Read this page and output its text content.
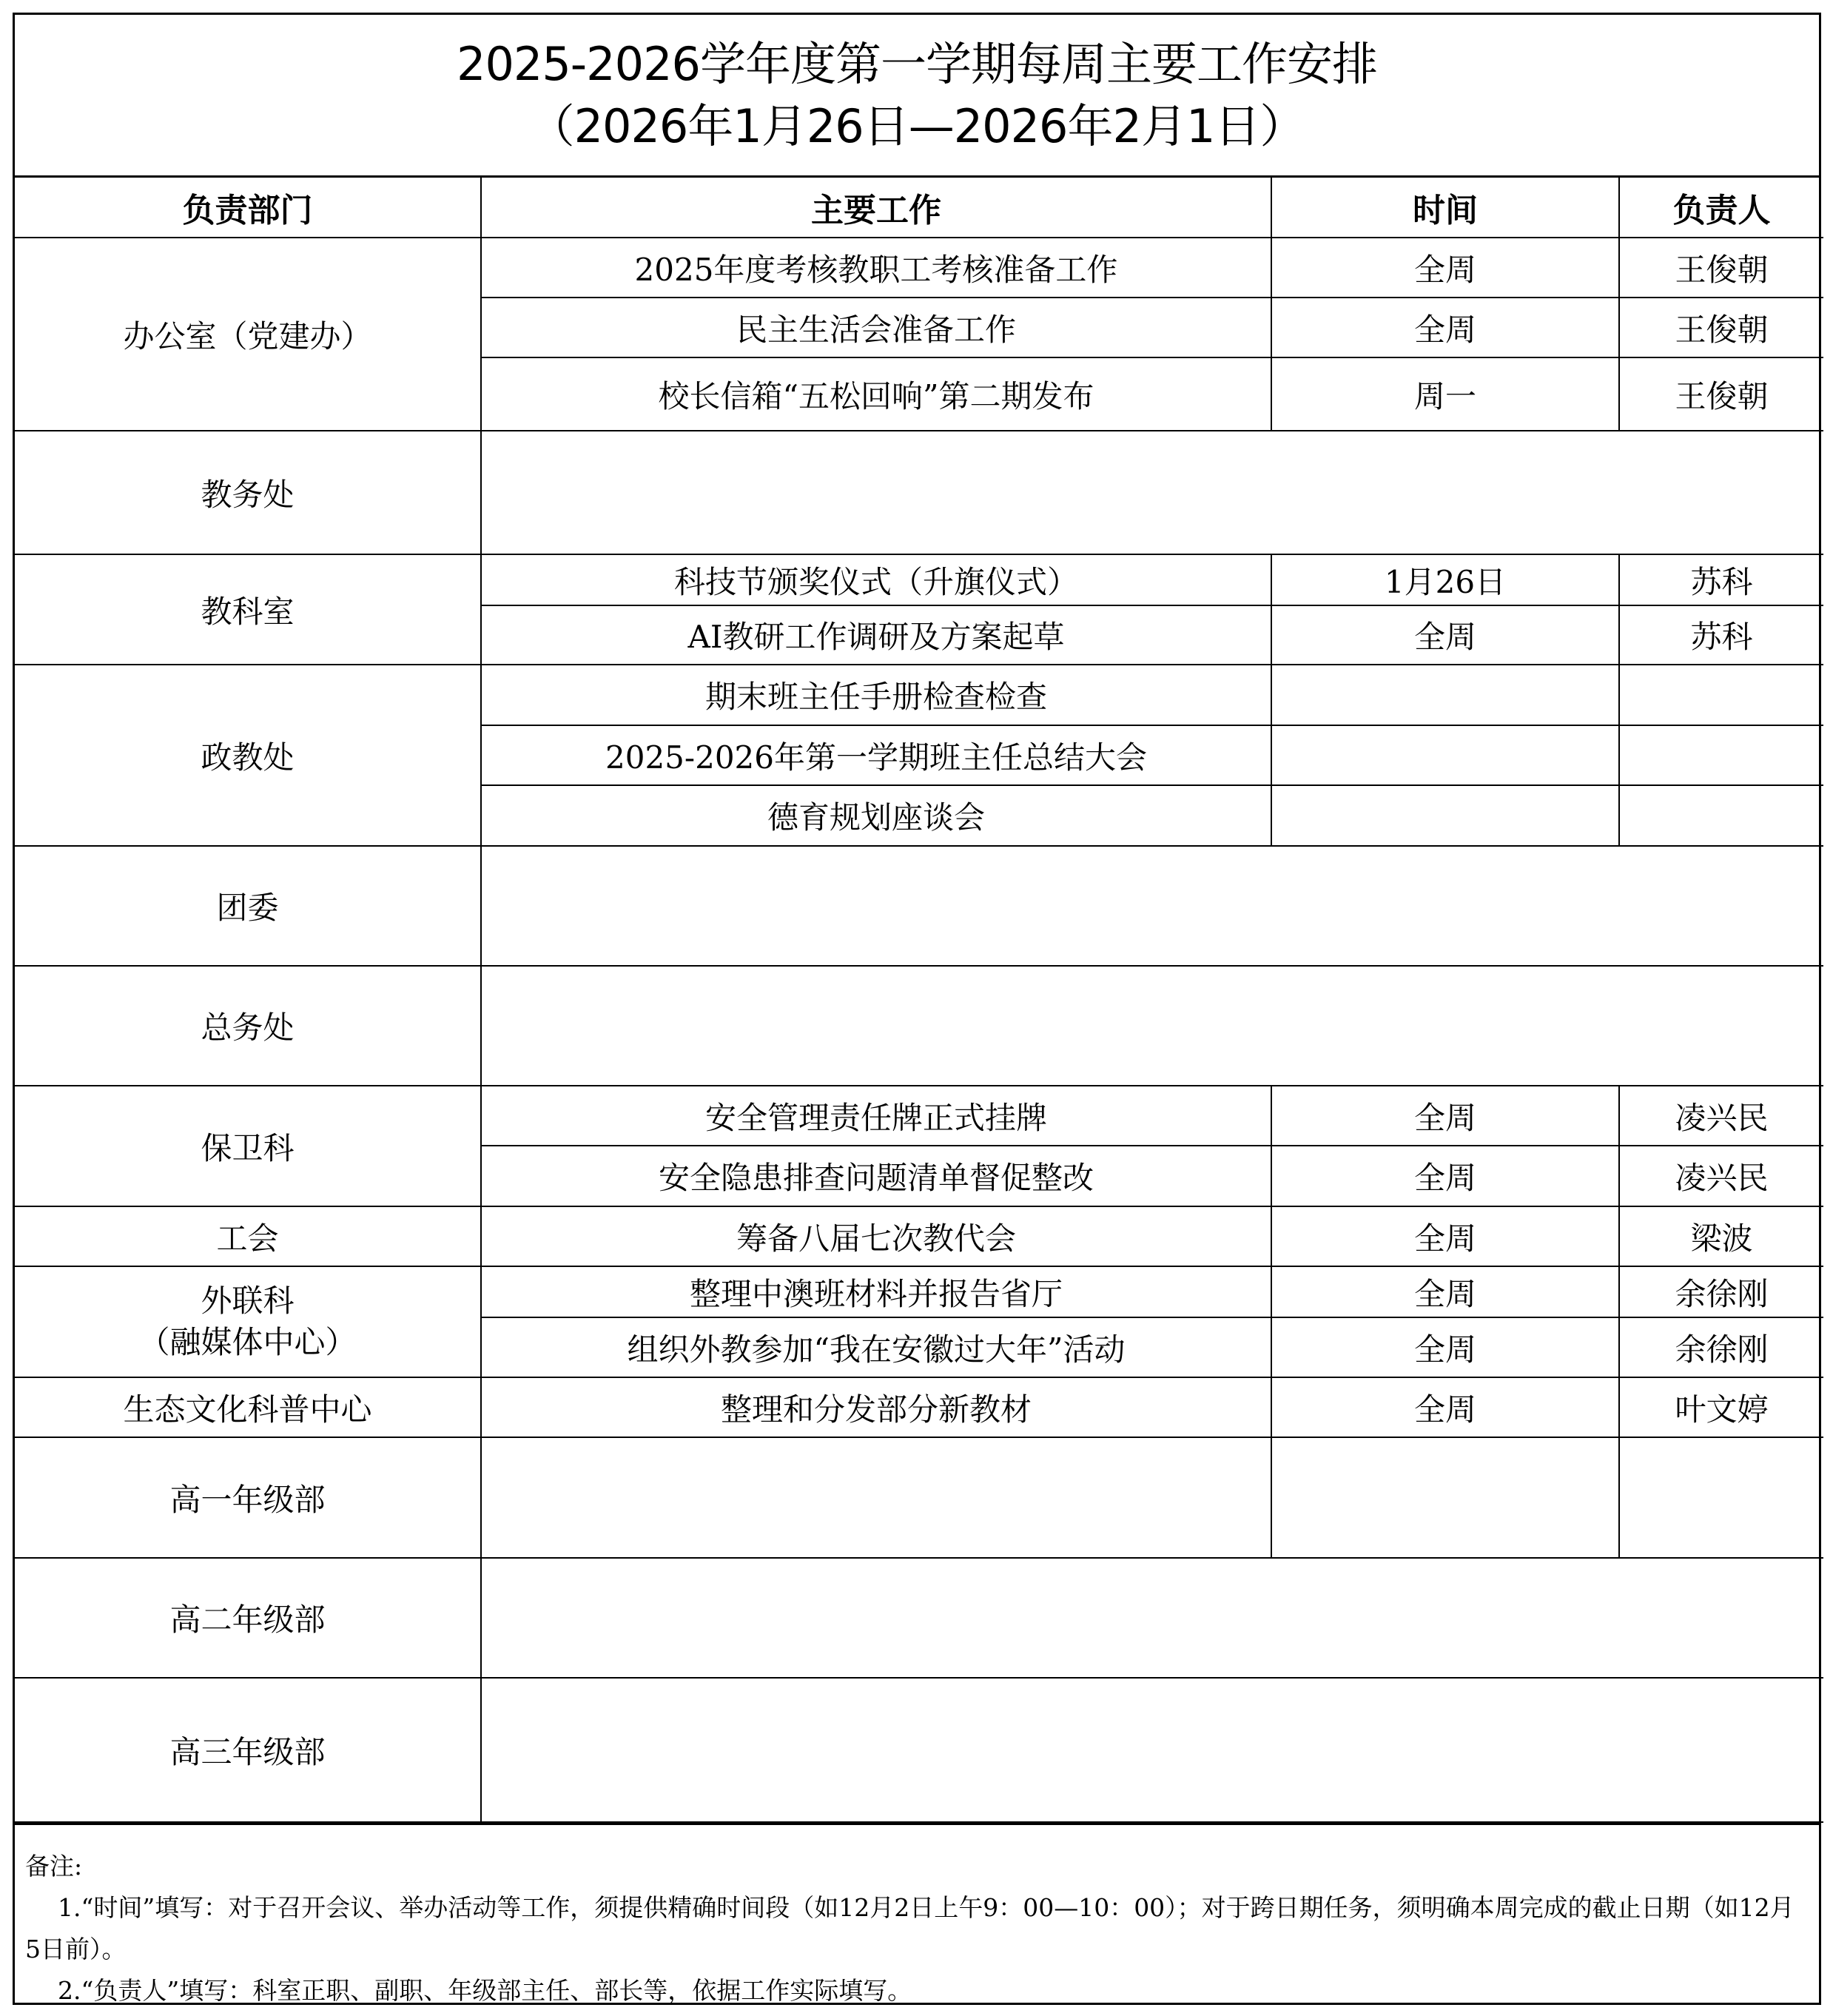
2025-2026学年度第一学期每周主要工作安排
（2026年1月26日—2026年2月1日）
负责部门	主要工作	时间	负责人
办公室（党建办）	2025年度考核教职工考核准备工作	全周	王俊朝
	民主生活会准备工作	全周	王俊朝
	校长信箱“五松回响”第二期发布	周一	王俊朝
教务处			
教科室	科技节颁奖仪式（升旗仪式）	1月26日	苏科
	AI教研工作调研及方案起草	全周	苏科
政教处	期末班主任手册检查检查		
	2025-2026年第一学期班主任总结大会		
	德育规划座谈会		
团委			
总务处			
保卫科	安全管理责任牌正式挂牌	全周	凌兴民
	安全隐患排查问题清单督促整改	全周	凌兴民
工会	筹备八届七次教代会	全周	梁波
外联科
（融媒体中心）	整理中澳班材料并报告省厅	全周	余徐刚
	组织外教参加“我在安徽过大年”活动	全周	余徐刚
生态文化科普中心	整理和分发部分新教材	全周	叶文婷
高一年级部			
高二年级部			
高三年级部			
备注:
1.“时间”填写：对于召开会议、举办活动等工作，须提供精确时间段（如12月2日上午9：00—10：00）；对于跨日期任务，须明确本周完成的截止日期（如12月5日前）。
2.“负责人”填写：科室正职、副职、年级部主任、部长等，依据工作实际填写。
